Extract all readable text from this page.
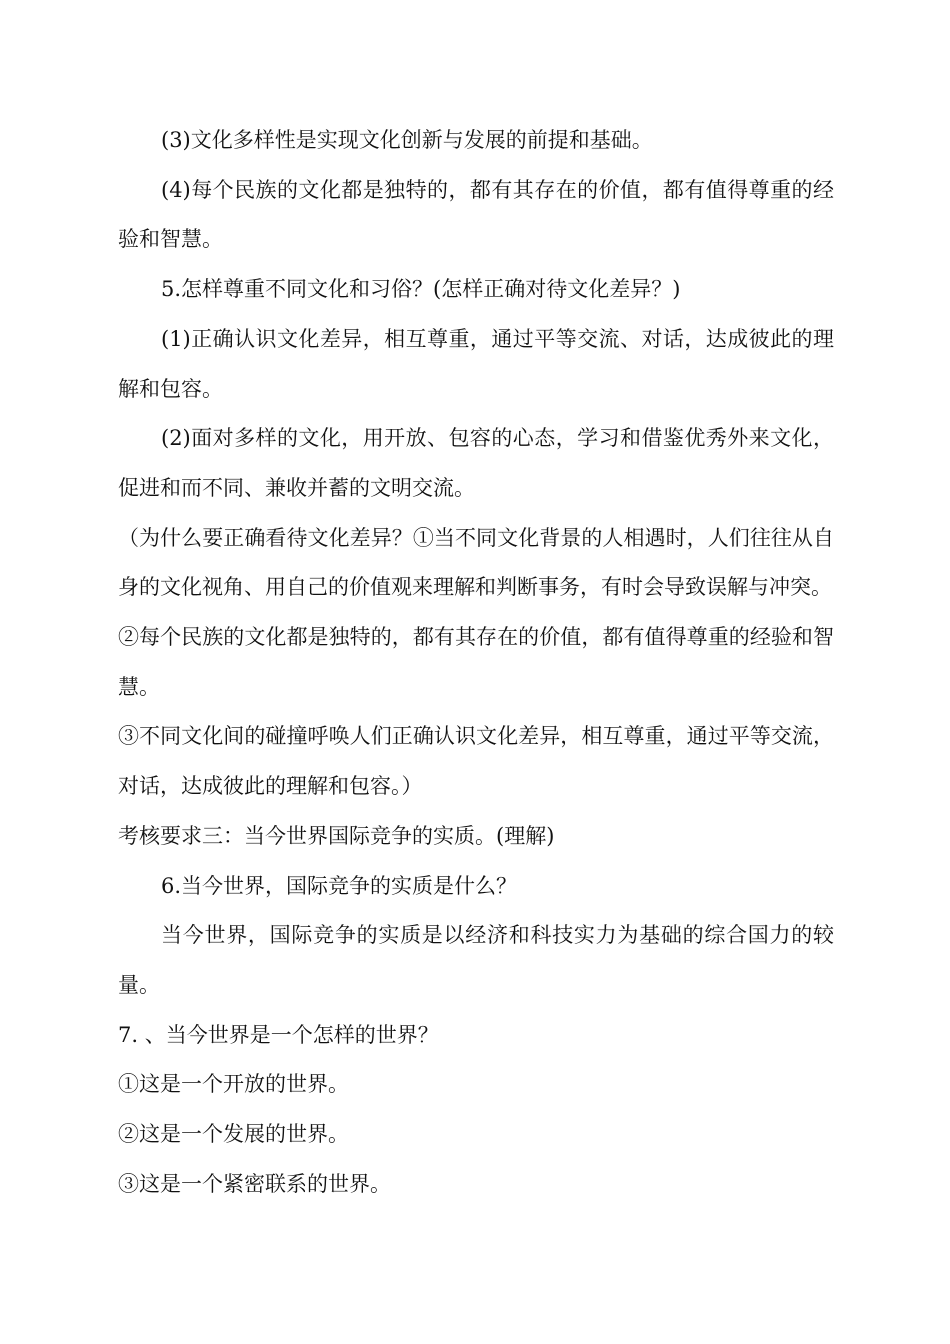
(3)文化多样性是实现文化创新与发展的前提和基础。

(4)每个民族的文化都是独特的，都有其存在的价值，都有值得尊重的经验和智慧。

5.怎样尊重不同文化和习俗？(怎样正确对待文化差异？)

(1)正确认识文化差异，相互尊重，通过平等交流、对话，达成彼此的理解和包容。

(2)面对多样的文化，用开放、包容的心态，学习和借鉴优秀外来文化，促进和而不同、兼收并蓄的文明交流。

（为什么要正确看待文化差异？①当不同文化背景的人相遇时，人们往往从自身的文化视角、用自己的价值观来理解和判断事务，有时会导致误解与冲突。

②每个民族的文化都是独特的，都有其存在的价值，都有值得尊重的经验和智慧。

③不同文化间的碰撞呼唤人们正确认识文化差异，相互尊重，通过平等交流，对话，达成彼此的理解和包容。）

考核要求三：当今世界国际竞争的实质。(理解)

6.当今世界，国际竞争的实质是什么？

当今世界，国际竞争的实质是以经济和科技实力为基础的综合国力的较量。

7. 、当今世界是一个怎样的世界？

①这是一个开放的世界。

②这是一个发展的世界。

③这是一个紧密联系的世界。
